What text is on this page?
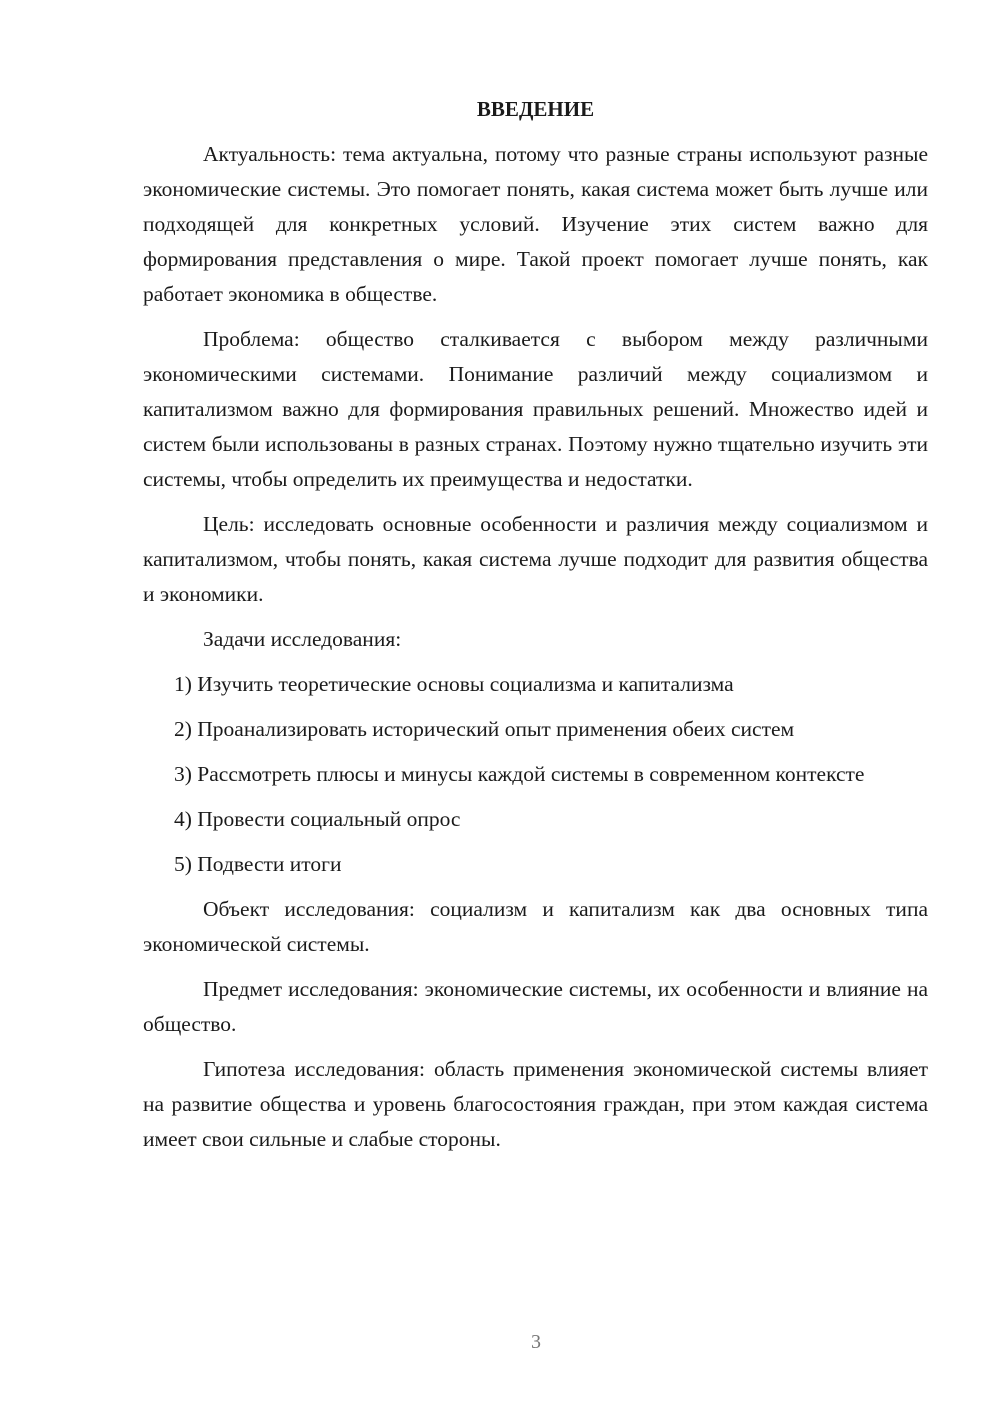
ВВЕДЕНИЕ

Актуальность: тема актуальна, потому что разные страны используют разные экономические системы. Это помогает понять, какая система может быть лучше или подходящей для конкретных условий. Изучение этих систем важно для формирования представления о мире. Такой проект помогает лучше понять, как работает экономика в обществе.

Проблема: общество сталкивается с выбором между различными экономическими системами. Понимание различий между социализмом и капитализмом важно для формирования правильных решений. Множество идей и систем были использованы в разных странах. Поэтому нужно тщательно изучить эти системы, чтобы определить их преимущества и недостатки.

Цель: исследовать основные особенности и различия между социализмом и капитализмом, чтобы понять, какая система лучше подходит для развития общества и экономики.

Задачи исследования:

1) Изучить теоретические основы социализма и капитализма

2) Проанализировать исторический опыт применения обеих систем

3) Рассмотреть плюсы и минусы каждой системы в современном контексте

4) Провести социальный опрос

5) Подвести итоги

Объект исследования: социализм и капитализм как два основных типа экономической системы.

Предмет исследования: экономические системы, их особенности и влияние на общество.

Гипотеза исследования: область применения экономической системы влияет на развитие общества и уровень благосостояния граждан, при этом каждая система имеет свои сильные и слабые стороны.

3
